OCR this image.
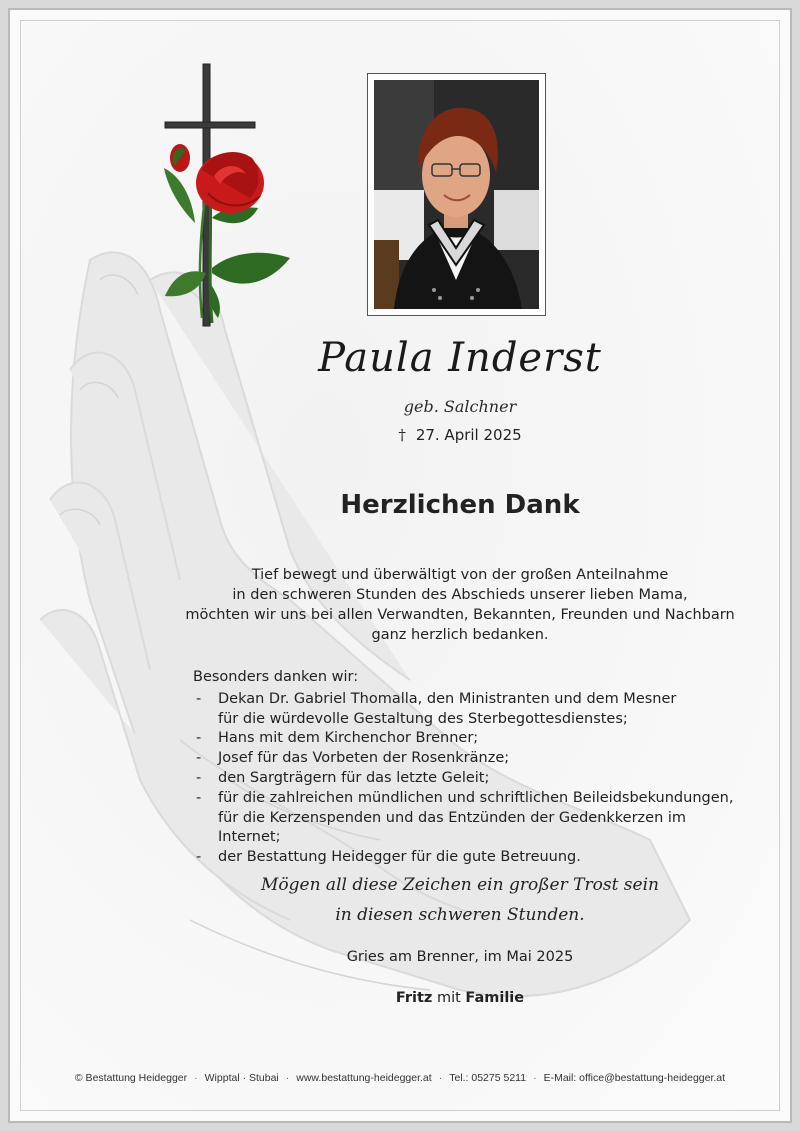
Paula Inderst
geb. Salchner
† 27. April 2025
Herzlichen Dank
Tief bewegt und überwältigt von der großen Anteilnahme
in den schweren Stunden des Abschieds unserer lieben Mama,
möchten wir uns bei allen Verwandten, Bekannten, Freunden und Nachbarn
ganz herzlich bedanken.
Besonders danken wir:
- Dekan Dr. Gabriel Thomalla, den Ministranten und dem Mesner
für die würdevolle Gestaltung des Sterbegottesdienstes;
- Hans mit dem Kirchenchor Brenner;
- Josef für das Vorbeten der Rosenkränze;
- den Sargträgern für das letzte Geleit;
- für die zahlreichen mündlichen und schriftlichen Beileidsbekundungen,
für die Kerzenspenden und das Entzünden der Gedenkkerzen im Internet;
- der Bestattung Heidegger für die gute Betreuung.
Mögen all diese Zeichen ein großer Trost sein
in diesen schweren Stunden.
Gries am Brenner, im Mai 2025
Fritz mit Familie
© Bestattung Heidegger · Wipptal · Stubai · www.bestattung-heidegger.at · Tel.: 05275 5211 · E-Mail: office@bestattung-heidegger.at
